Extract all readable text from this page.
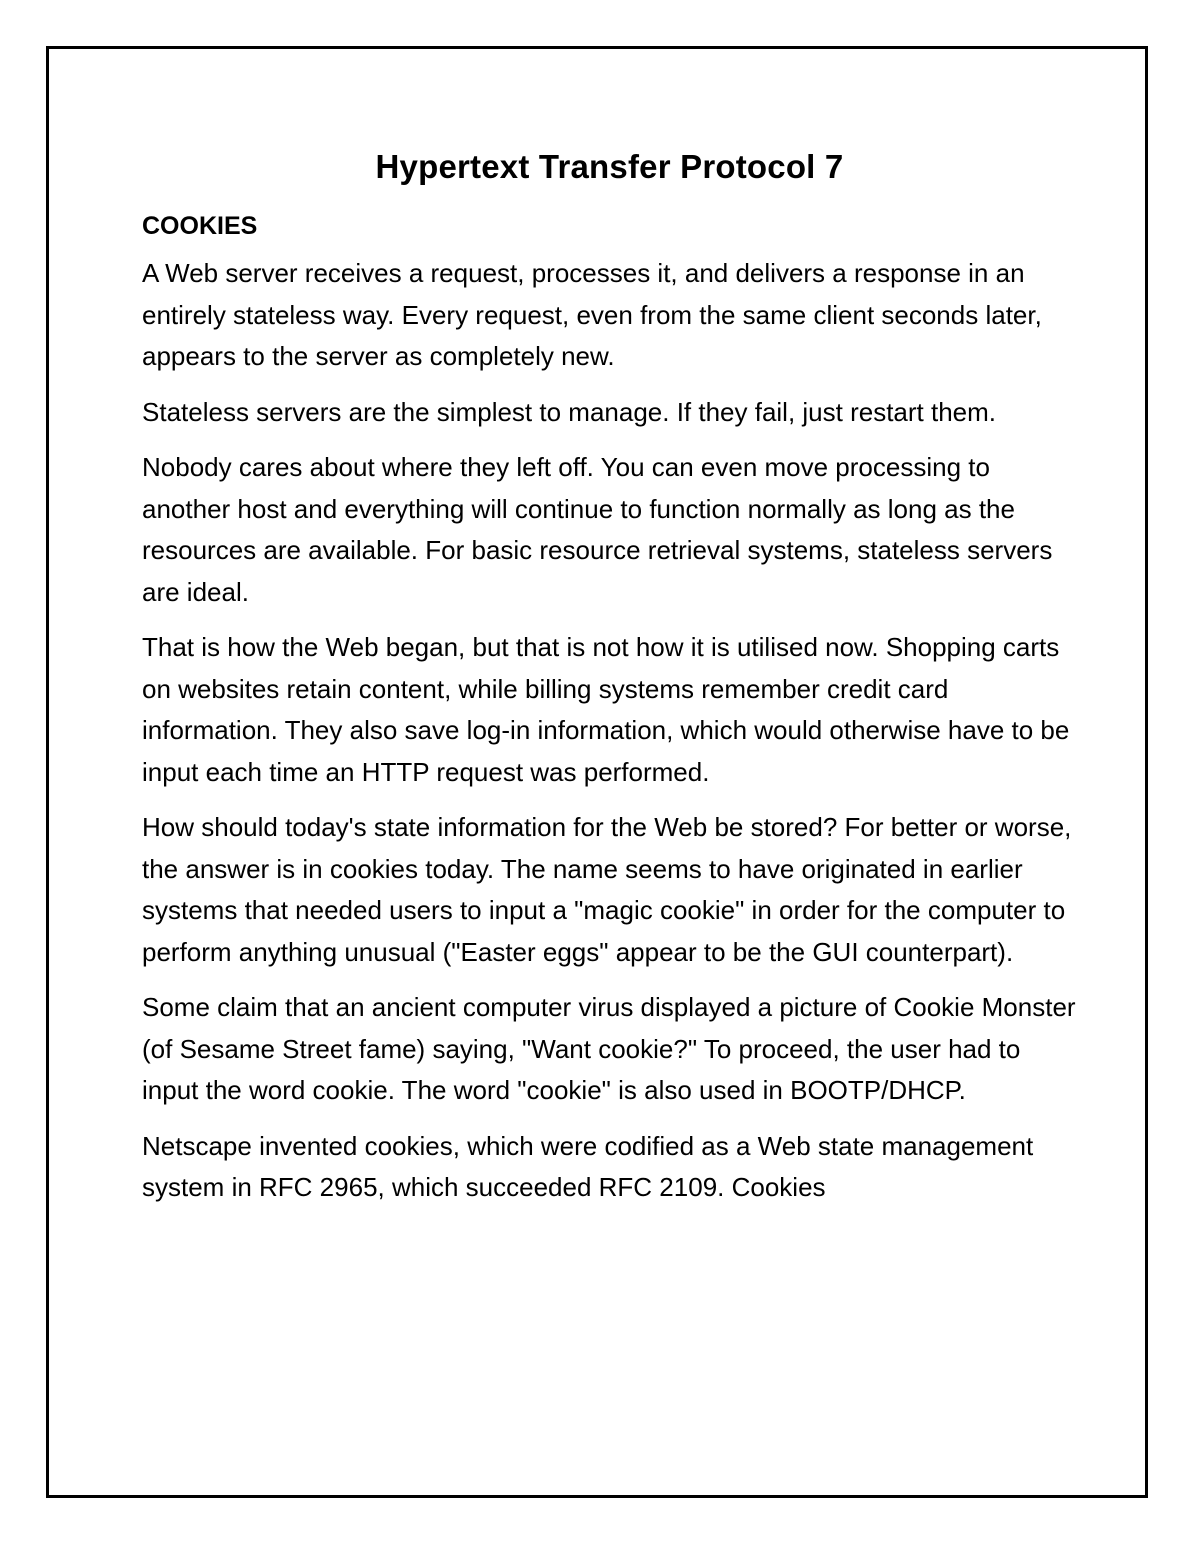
Hypertext Transfer Protocol 7
COOKIES

A Web server receives a request, processes it, and delivers a response in an entirely stateless way. Every request, even from the same client seconds later, appears to the server as completely new.

Stateless servers are the simplest to manage. If they fail, just restart them.

Nobody cares about where they left off. You can even move processing to another host and everything will continue to function normally as long as the resources are available. For basic resource retrieval systems, stateless servers are ideal.

That is how the Web began, but that is not how it is utilised now. Shopping carts on websites retain content, while billing systems remember credit card information. They also save log-in information, which would otherwise have to be input each time an HTTP request was performed.

How should today's state information for the Web be stored? For better or worse, the answer is in cookies today. The name seems to have originated in earlier systems that needed users to input a "magic cookie" in order for the computer to perform anything unusual ("Easter eggs" appear to be the GUI counterpart).

Some claim that an ancient computer virus displayed a picture of Cookie Monster (of Sesame Street fame) saying, "Want cookie?" To proceed, the user had to input the word cookie. The word "cookie" is also used in BOOTP/DHCP.

Netscape invented cookies, which were codified as a Web state management system in RFC 2965, which succeeded RFC 2109. Cookies
